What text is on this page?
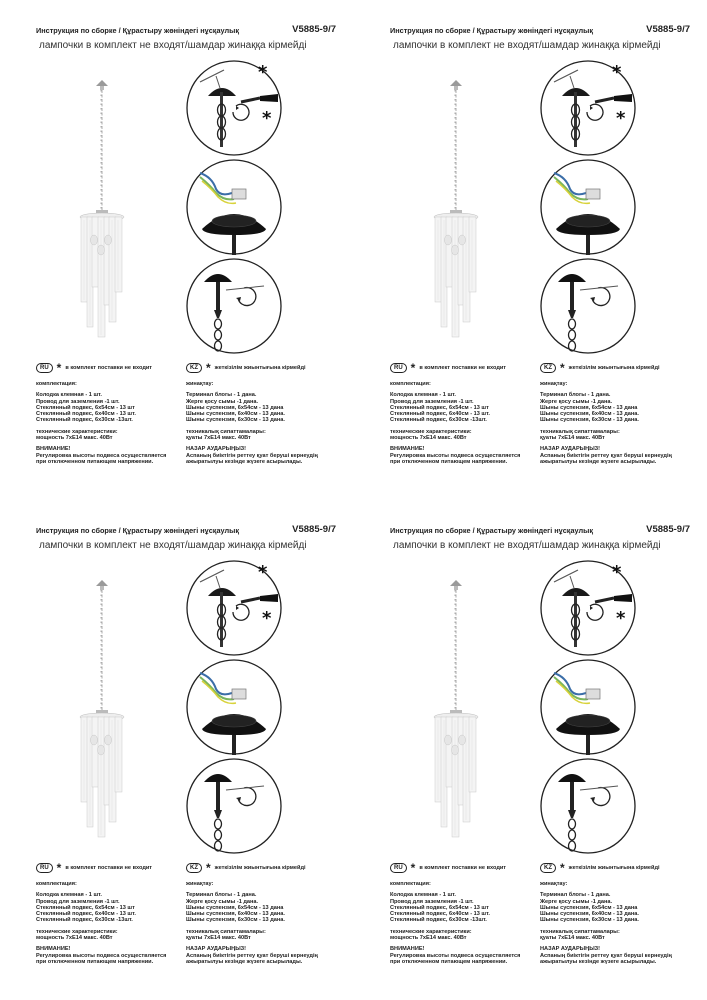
Инструкция по сборке / Құрастыру жөніндегі нұсқаулық	V5885-9/7
лампочки в комплект не входят/шамдар жинаққа кірмейді
*
*
RU * в комплект поставки не входит

комплектация:

Колодка клемная - 1 шт.

Провод для заземления -1 шт.

Стеклянный подвес, 6х54см - 13 шт

Стеклянный подвес, 6х40см - 13 шт.

Стеклянный подвес, 6х30см -13шт.

технические характеристики:

мощность 7хЕ14 макс. 40Вт

ВНИМАНИЕ!

Регулировка высоты подвеса осуществляется

при отключенном питающем напряжении.

KZ * жеткізілім жиынтығына кірмейді

жинақтау:

Терминал блогы - 1 дана.

Жерге қосу сымы -1 дана.

Шыны суспензия, 6х54см - 13 дана

Шыны суспензия, 6х40см - 13 дана.

Шыны суспензия, 6х30см - 13 дана.

техникалық сипаттамалары:

қуаты 7хЕ14 макс. 40Вт

НАЗАР АУДАРЫҢЫЗ!

Аспаның биіктігін реттеу қуат беруші кернеудің

ажыратылуы кезінде жүзеге асырылады.

Инструкция по сборке / Құрастыру жөніндегі нұсқаулық	V5885-9/7
лампочки в комплект не входят/шамдар жинаққа кірмейді
*
*
RU * в комплект поставки не входит

комплектация:

Колодка клемная - 1 шт.

Провод для заземления -1 шт.

Стеклянный подвес, 6х54см - 13 шт

Стеклянный подвес, 6х40см - 13 шт.

Стеклянный подвес, 6х30см -13шт.

технические характеристики:

мощность 7хЕ14 макс. 40Вт

ВНИМАНИЕ!

Регулировка высоты подвеса осуществляется

при отключенном питающем напряжении.

KZ * жеткізілім жиынтығына кірмейді

жинақтау:

Терминал блогы - 1 дана.

Жерге қосу сымы -1 дана.

Шыны суспензия, 6х54см - 13 дана

Шыны суспензия, 6х40см - 13 дана.

Шыны суспензия, 6х30см - 13 дана.

техникалық сипаттамалары:

қуаты 7хЕ14 макс. 40Вт

НАЗАР АУДАРЫҢЫЗ!

Аспаның биіктігін реттеу қуат беруші кернеудің

ажыратылуы кезінде жүзеге асырылады.

Инструкция по сборке / Құрастыру жөніндегі нұсқаулық	V5885-9/7
лампочки в комплект не входят/шамдар жинаққа кірмейді
*
*
RU * в комплект поставки не входит

комплектация:

Колодка клемная - 1 шт.

Провод для заземления -1 шт.

Стеклянный подвес, 6х54см - 13 шт

Стеклянный подвес, 6х40см - 13 шт.

Стеклянный подвес, 6х30см -13шт.

технические характеристики:

мощность 7хЕ14 макс. 40Вт

ВНИМАНИЕ!

Регулировка высоты подвеса осуществляется

при отключенном питающем напряжении.

KZ * жеткізілім жиынтығына кірмейді

жинақтау:

Терминал блогы - 1 дана.

Жерге қосу сымы -1 дана.

Шыны суспензия, 6х54см - 13 дана

Шыны суспензия, 6х40см - 13 дана.

Шыны суспензия, 6х30см - 13 дана.

техникалық сипаттамалары:

қуаты 7хЕ14 макс. 40Вт

НАЗАР АУДАРЫҢЫЗ!

Аспаның биіктігін реттеу қуат беруші кернеудің

ажыратылуы кезінде жүзеге асырылады.

Инструкция по сборке / Құрастыру жөніндегі нұсқаулық	V5885-9/7
лампочки в комплект не входят/шамдар жинаққа кірмейді
*
*
RU * в комплект поставки не входит

комплектация:

Колодка клемная - 1 шт.

Провод для заземления -1 шт.

Стеклянный подвес, 6х54см - 13 шт

Стеклянный подвес, 6х40см - 13 шт.

Стеклянный подвес, 6х30см -13шт.

технические характеристики:

мощность 7хЕ14 макс. 40Вт

ВНИМАНИЕ!

Регулировка высоты подвеса осуществляется

при отключенном питающем напряжении.

KZ * жеткізілім жиынтығына кірмейді

жинақтау:

Терминал блогы - 1 дана.

Жерге қосу сымы -1 дана.

Шыны суспензия, 6х54см - 13 дана

Шыны суспензия, 6х40см - 13 дана.

Шыны суспензия, 6х30см - 13 дана.

техникалық сипаттамалары:

қуаты 7хЕ14 макс. 40Вт

НАЗАР АУДАРЫҢЫЗ!

Аспаның биіктігін реттеу қуат беруші кернеудің

ажыратылуы кезінде жүзеге асырылады.
